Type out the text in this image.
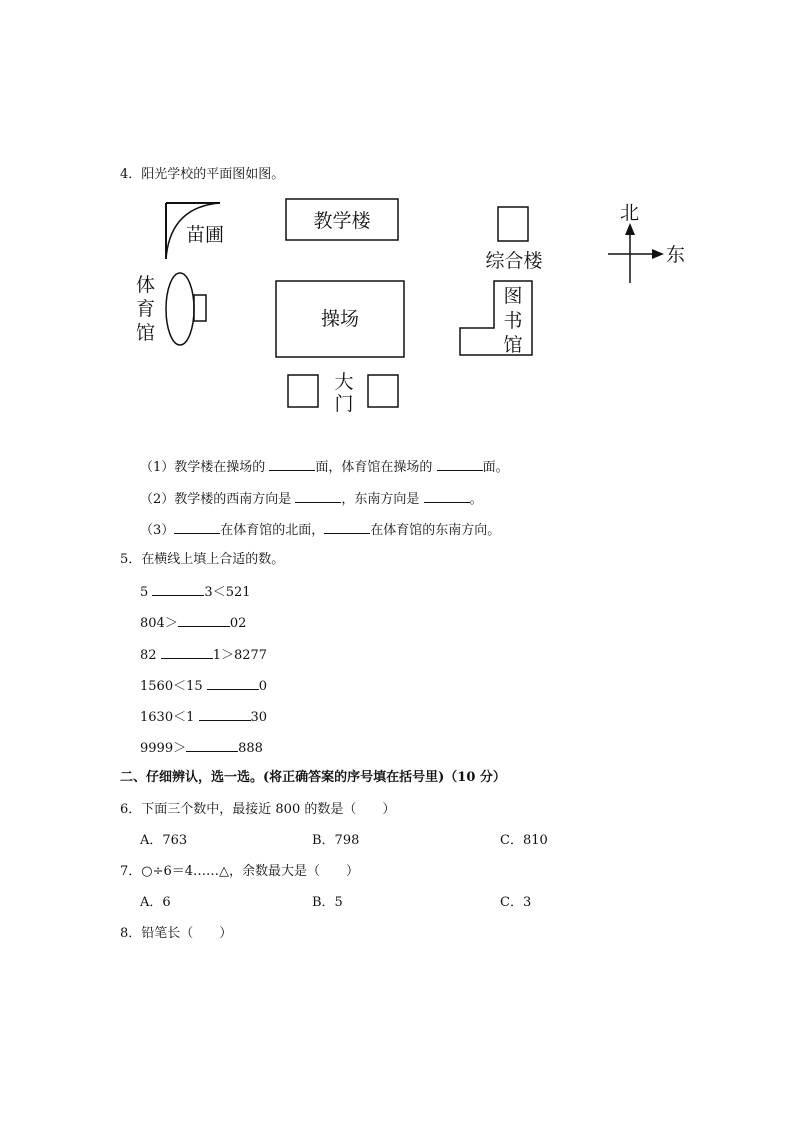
4．阳光学校的平面图如图。
苗圃
教学楼
综合楼
北
东
体
育
馆
操场
图
书
馆
大
门
（1）教学楼在操场的	面，体育馆在操场的	面。
（2）教学楼的西南方向是	，东南方向是	。
（3）	在体育馆的北面，	在体育馆的东南方向。
5．在横线上填上合适的数。
5	3＜521
804＞	02
82	1＞8277
1560＜15	0
1630＜1	30
9999＞	888
二、仔细辨认，选一选。(将正确答案的序号填在括号里)（10 分）
6．下面三个数中，最接近 800 的数是（　　）
A．763	B．798	C．810
7．○÷6＝4……△，余数最大是（　　）
A．6	B．5	C．3
8．铅笔长（　　）
